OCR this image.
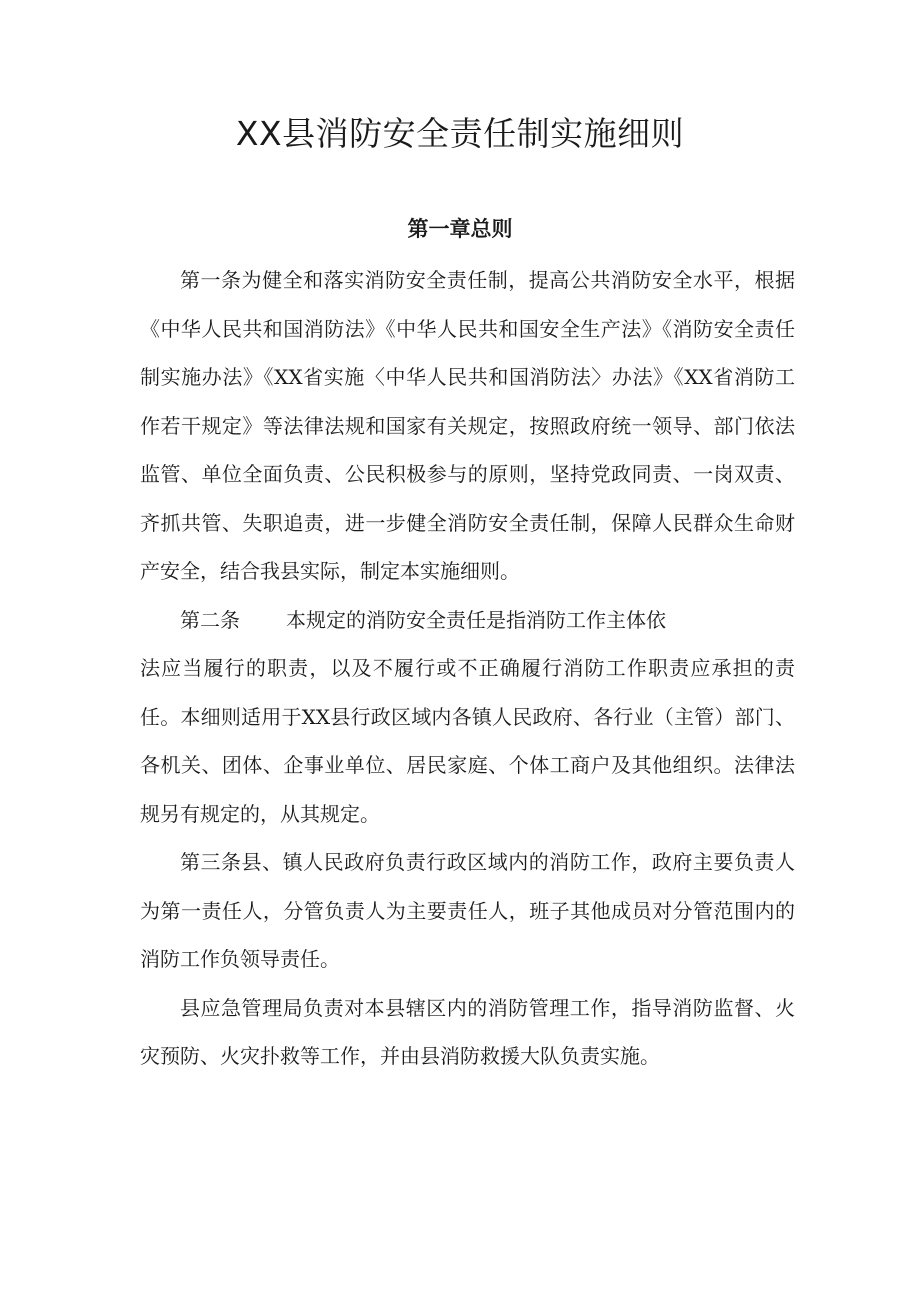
XX县消防安全责任制实施细则
第一章总则

第一条为健全和落实消防安全责任制，提高公共消防安全水平，根据《中华人民共和国消防法》《中华人民共和国安全生产法》《消防安全责任制实施办法》《XX省实施〈中华人民共和国消防法〉办法》《XX省消防工作若干规定》等法律法规和国家有关规定，按照政府统一领导、部门依法监管、单位全面负责、公民积极参与的原则，坚持党政同责、一岗双责、齐抓共管、失职追责，进一步健全消防安全责任制，保障人民群众生命财产安全，结合我县实际，制定本实施细则。

第二条 本规定的消防安全责任是指消防工作主体依

法应当履行的职责，以及不履行或不正确履行消防工作职责应承担的责任。本细则适用于XX县行政区域内各镇人民政府、各行业（主管）部门、各机关、团体、企事业单位、居民家庭、个体工商户及其他组织。法律法规另有规定的，从其规定。

第三条县、镇人民政府负责行政区域内的消防工作，政府主要负责人为第一责任人，分管负责人为主要责任人，班子其他成员对分管范围内的消防工作负领导责任。

县应急管理局负责对本县辖区内的消防管理工作，指导消防监督、火灾预防、火灾扑救等工作，并由县消防救援大队负责实施。
